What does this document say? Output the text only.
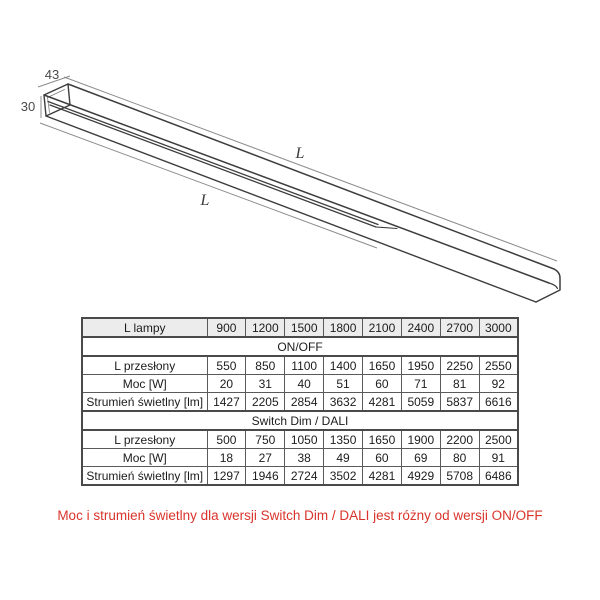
43
30
L
L
L lampy	900	1200	1500	1800	2100	2400	2700	3000
ON/OFF								
L przesłony	550	850	1100	1400	1650	1950	2250	2550
Moc [W]	20	31	40	51	60	71	81	92
Strumień świetlny [lm]	1427	2205	2854	3632	4281	5059	5837	6616
Switch Dim / DALI								
L przesłony	500	750	1050	1350	1650	1900	2200	2500
Moc [W]	18	27	38	49	60	69	80	91
Strumień świetlny [lm]	1297	1946	2724	3502	4281	4929	5708	6486
Moc i strumień świetlny dla wersji Switch Dim / DALI jest różny od wersji ON/OFF
